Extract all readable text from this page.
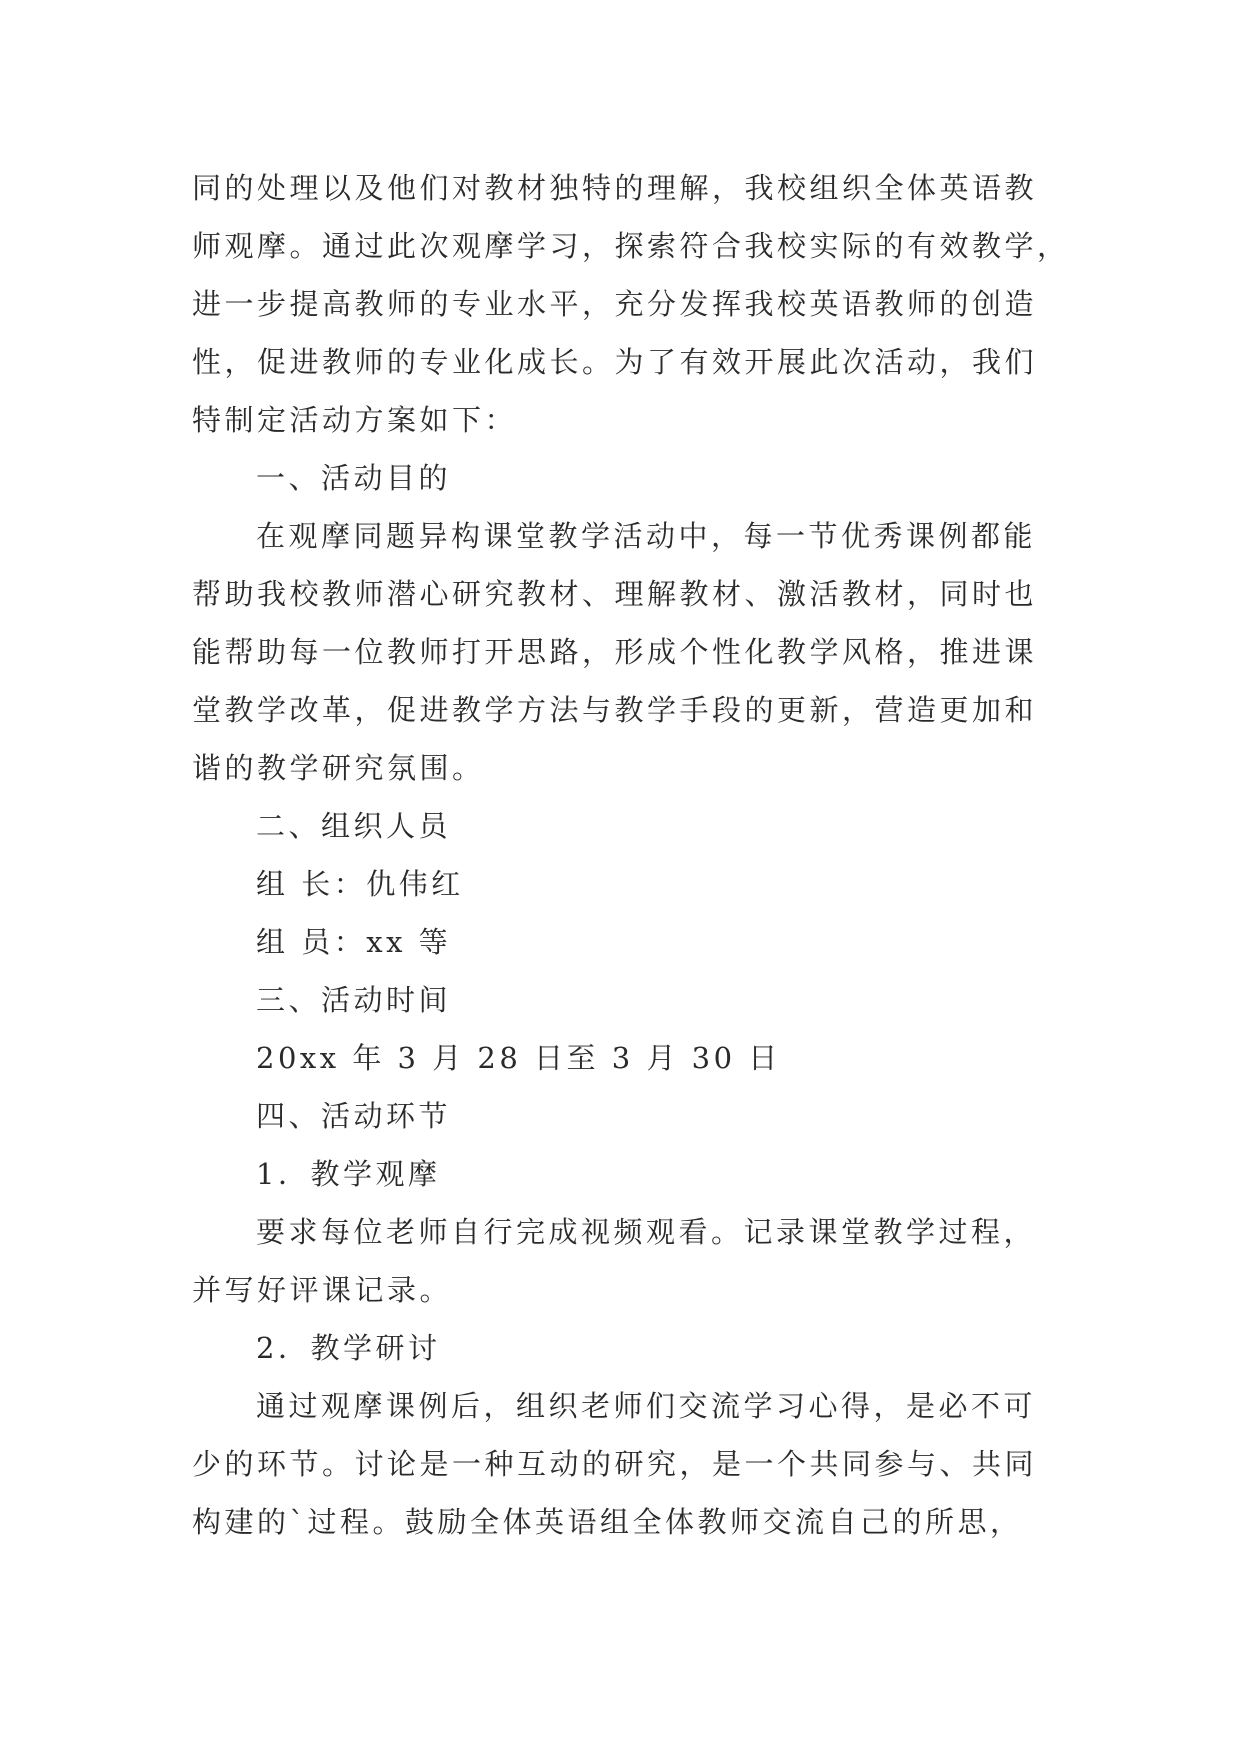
同的处理以及他们对教材独特的理解，我校组织全体英语教
师观摩。通过此次观摩学习，探索符合我校实际的有效教学，
进一步提高教师的专业水平，充分发挥我校英语教师的创造
性，促进教师的专业化成长。为了有效开展此次活动，我们
特制定活动方案如下：
一、活动目的
在观摩同题异构课堂教学活动中，每一节优秀课例都能
帮助我校教师潜心研究教材、理解教材、激活教材，同时也
能帮助每一位教师打开思路，形成个性化教学风格，推进课
堂教学改革，促进教学方法与教学手段的更新，营造更加和
谐的教学研究氛围。
二、组织人员
组 长：仇伟红
组 员：xx 等
三、活动时间
20xx 年 3 月 28 日至 3 月 30 日
四、活动环节
1．教学观摩
要求每位老师自行完成视频观看。记录课堂教学过程，
并写好评课记录。
2．教学研讨
通过观摩课例后，组织老师们交流学习心得，是必不可
少的环节。讨论是一种互动的研究，是一个共同参与、共同
构建的`过程。鼓励全体英语组全体教师交流自己的所思，
